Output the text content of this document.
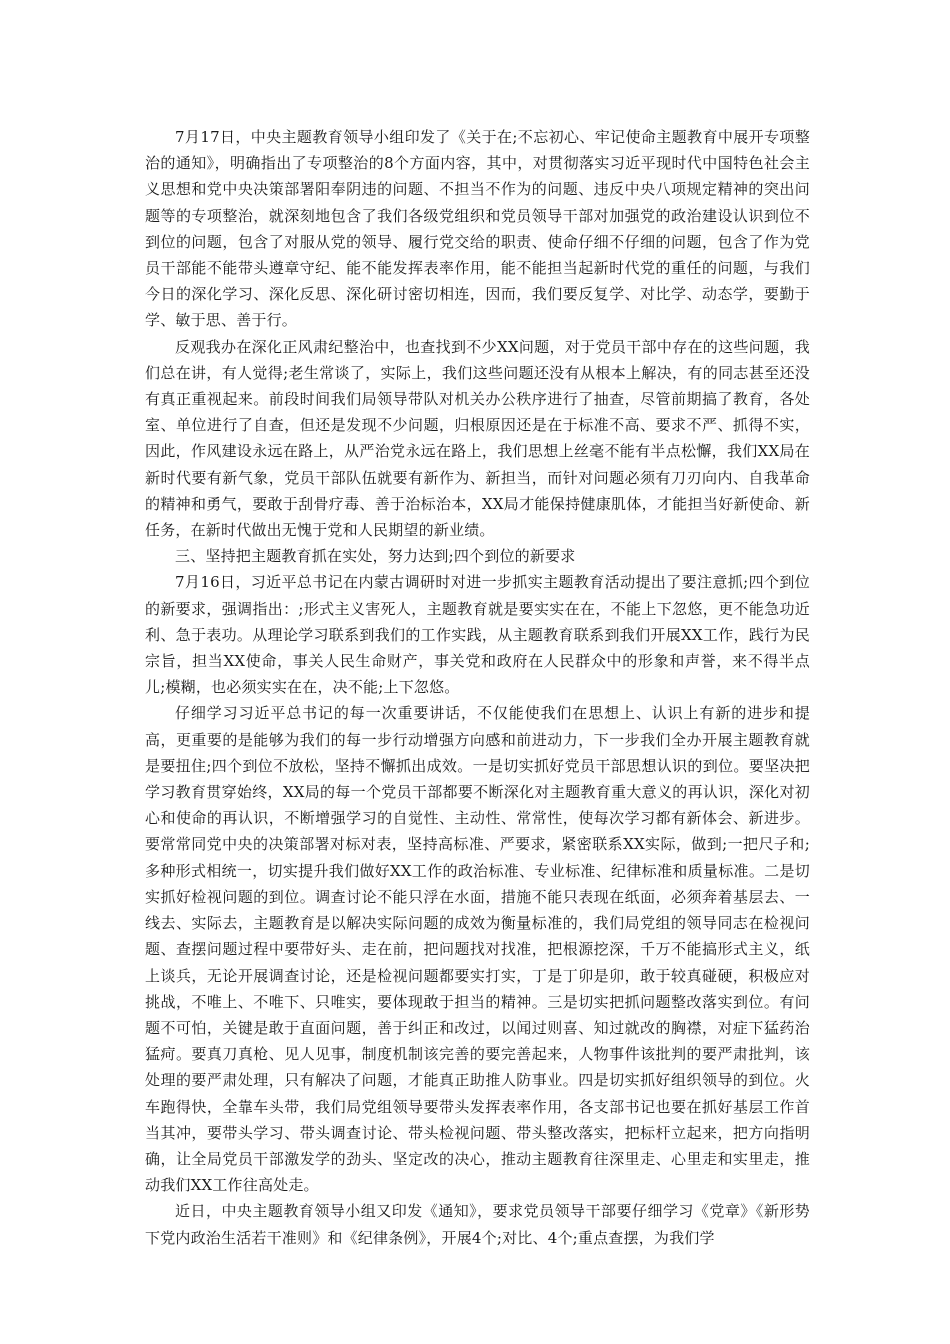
7月17日，中央主题教育领导小组印发了《关于在;不忘初心、牢记使命主题教育中展开专项整治的通知》，明确指出了专项整治的8个方面内容，其中，对贯彻落实习近平现时代中国特色社会主义思想和党中央决策部署阳奉阴违的问题、不担当不作为的问题、违反中央八项规定精神的突出问题等的专项整治，就深刻地包含了我们各级党组织和党员领导干部对加强党的政治建设认识到位不到位的问题，包含了对服从党的领导、履行党交给的职责、使命仔细不仔细的问题，包含了作为党员干部能不能带头遵章守纪、能不能发挥表率作用，能不能担当起新时代党的重任的问题，与我们今日的深化学习、深化反思、深化研讨密切相连，因而，我们要反复学、对比学、动态学，要勤于学、敏于思、善于行。

反观我办在深化正风肃纪整治中，也查找到不少XX问题，对于党员干部中存在的这些问题，我们总在讲，有人觉得;老生常谈了，实际上，我们这些问题还没有从根本上解决，有的同志甚至还没有真正重视起来。前段时间我们局领导带队对机关办公秩序进行了抽查，尽管前期搞了教育，各处室、单位进行了自查，但还是发现不少问题，归根原因还是在于标准不高、要求不严、抓得不实，因此，作风建设永远在路上，从严治党永远在路上，我们思想上丝毫不能有半点松懈，我们XX局在新时代要有新气象，党员干部队伍就要有新作为、新担当，而针对问题必须有刀刃向内、自我革命的精神和勇气，要敢于刮骨疗毒、善于治标治本，XX局才能保持健康肌体，才能担当好新使命、新任务，在新时代做出无愧于党和人民期望的新业绩。

三、坚持把主题教育抓在实处，努力达到;四个到位的新要求

7月16日，习近平总书记在内蒙古调研时对进一步抓实主题教育活动提出了要注意抓;四个到位的新要求，强调指出：;形式主义害死人，主题教育就是要实实在在，不能上下忽悠，更不能急功近利、急于表功。从理论学习联系到我们的工作实践，从主题教育联系到我们开展XX工作，践行为民宗旨，担当XX使命，事关人民生命财产，事关党和政府在人民群众中的形象和声誉，来不得半点儿;模糊，也必须实实在在，决不能;上下忽悠。

仔细学习习近平总书记的每一次重要讲话，不仅能使我们在思想上、认识上有新的进步和提高，更重要的是能够为我们的每一步行动增强方向感和前进动力，下一步我们全办开展主题教育就是要扭住;四个到位不放松，坚持不懈抓出成效。一是切实抓好党员干部思想认识的到位。要坚决把学习教育贯穿始终，XX局的每一个党员干部都要不断深化对主题教育重大意义的再认识，深化对初心和使命的再认识，不断增强学习的自觉性、主动性、常常性，使每次学习都有新体会、新进步。要常常同党中央的决策部署对标对表，坚持高标准、严要求，紧密联系XX实际，做到;一把尺子和;多种形式相统一，切实提升我们做好XX工作的政治标准、专业标准、纪律标准和质量标准。二是切实抓好检视问题的到位。调查讨论不能只浮在水面，措施不能只表现在纸面，必须奔着基层去、一线去、实际去，主题教育是以解决实际问题的成效为衡量标准的，我们局党组的领导同志在检视问题、查摆问题过程中要带好头、走在前，把问题找对找准，把根源挖深，千万不能搞形式主义，纸上谈兵，无论开展调查讨论，还是检视问题都要实打实，丁是丁卯是卯，敢于较真碰硬，积极应对挑战，不唯上、不唯下、只唯实，要体现敢于担当的精神。三是切实把抓问题整改落实到位。有问题不可怕，关键是敢于直面问题，善于纠正和改过，以闻过则喜、知过就改的胸襟，对症下猛药治猛疴。要真刀真枪、见人见事，制度机制该完善的要完善起来，人物事件该批判的要严肃批判，该处理的要严肃处理，只有解决了问题，才能真正助推人防事业。四是切实抓好组织领导的到位。火车跑得快，全靠车头带，我们局党组领导要带头发挥表率作用，各支部书记也要在抓好基层工作首当其冲，要带头学习、带头调查讨论、带头检视问题、带头整改落实，把标杆立起来，把方向指明确，让全局党员干部激发学的劲头、坚定改的决心，推动主题教育往深里走、心里走和实里走，推动我们XX工作往高处走。

近日，中央主题教育领导小组又印发《通知》，要求党员领导干部要仔细学习《党章》《新形势下党内政治生活若干准则》和《纪律条例》，开展4个;对比、4个;重点查摆，为我们学
